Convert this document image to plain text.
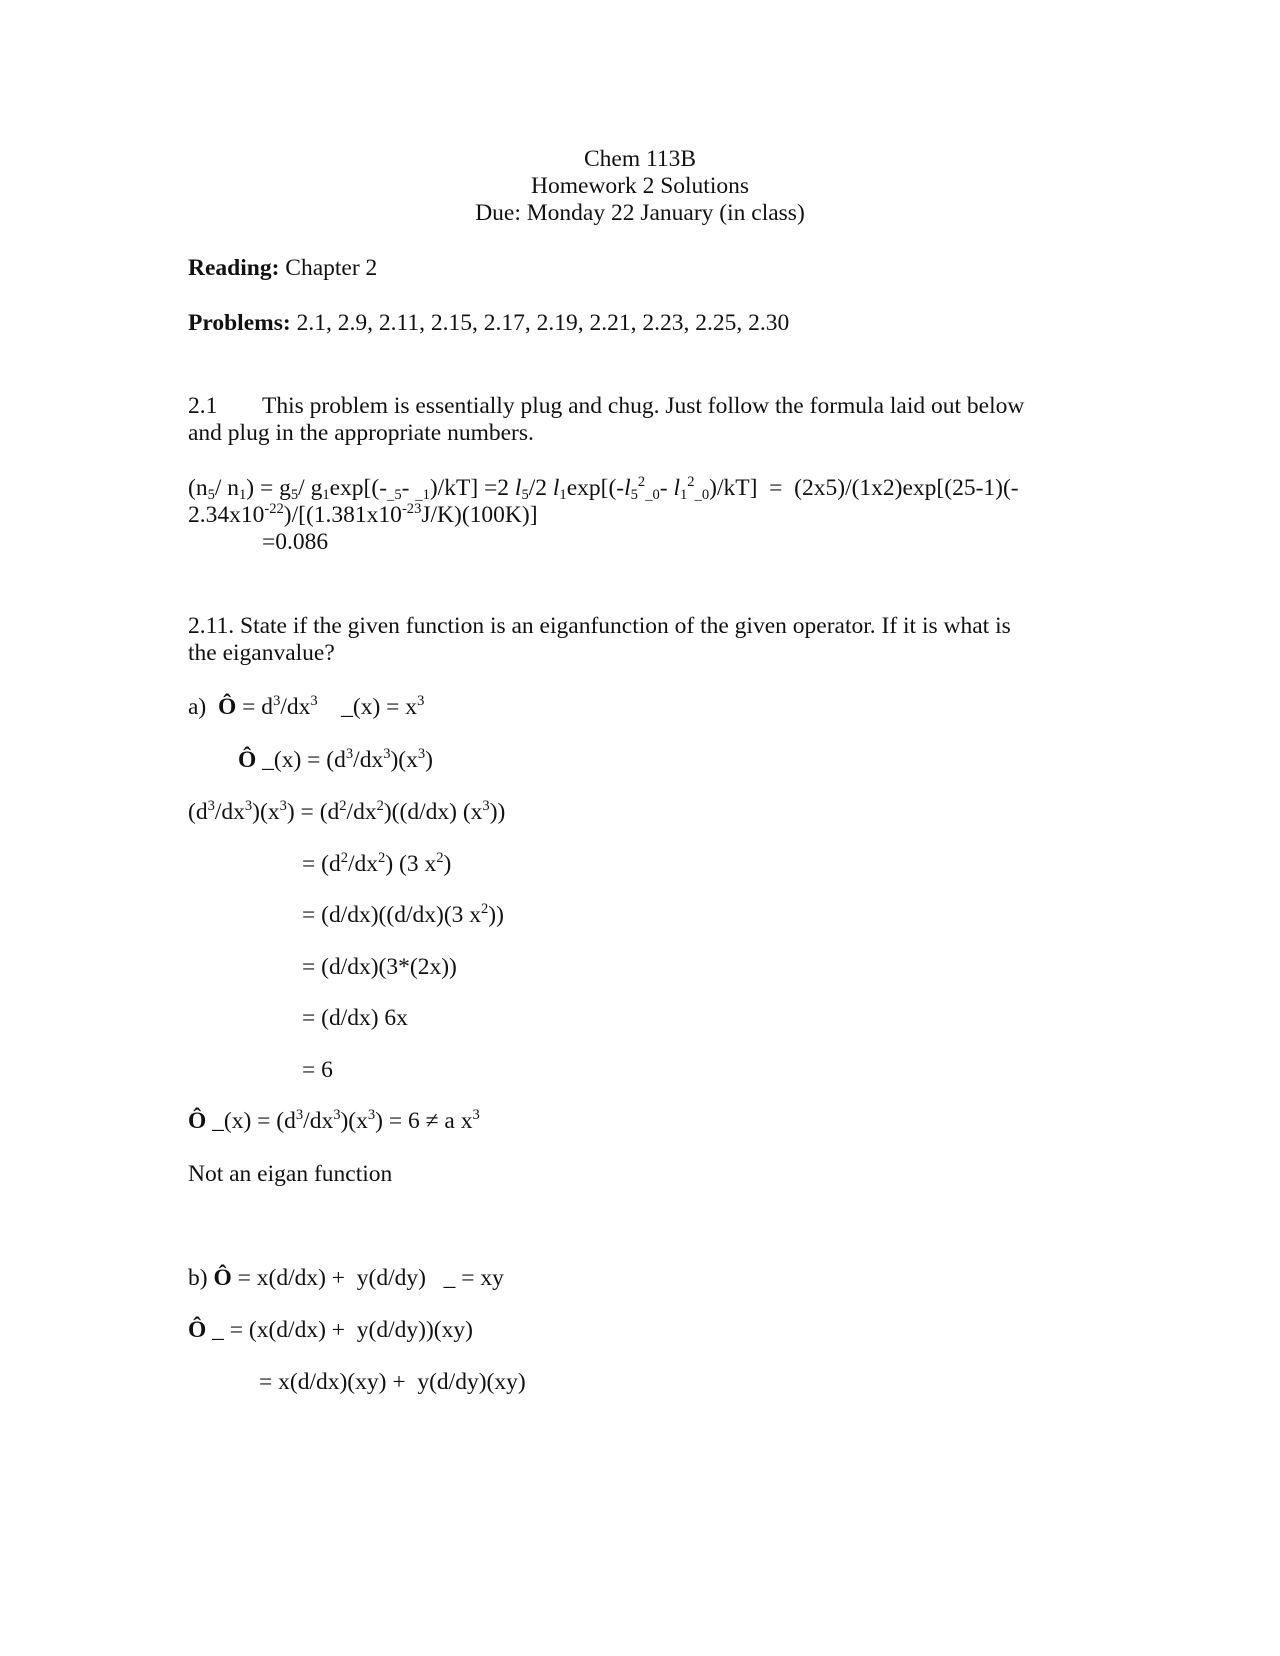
Chem 113B
Homework 2 Solutions
Due: Monday 22 January (in class)
Reading: Chapter 2
Problems: 2.1, 2.9, 2.11, 2.15, 2.17, 2.19, 2.21, 2.23, 2.25, 2.30
2.1 This problem is essentially plug and chug. Just follow the formula laid out below
and plug in the appropriate numbers.
($n_5/$ $n_1) = g_5/$ $g_1\exp[(-_{\_5}-$ $_{\_1}$)/kT] =2 $l_5/2$ $l_1\exp[(-l_5^2_{\_0}-$ $l_1^2_{\_0})/kT] = (2x5)/(1x2)\exp[(25-1)(-$
$2.34x10^{-22})/[(1.381x10^{-23}J/K)(100K)]$
=0.086
2.11. State if the given function is an eiganfunction of the given operator. If it is what is
the eiganvalue?
a)  Ô = $d^3/dx^3$    _(x) = $x^3$
Ô _(x) = $(d^3/dx^3)(x^3)$
$(d^3/dx^3)(x^3) = (d^2/dx^2)((d/dx)$ $(x^3)$)
= $(d^2/dx^2)$ (3 $x^2$)
= (d/dx)((d/dx)(3 $x^2$))
= (d/dx)(3*(2x))
= (d/dx) 6x
= 6
Ô _(x) = $(d^3/dx^3)(x^3) = 6 \ne a$ $x^3$
Not an eigan function
b) Ô = x(d/dx) +  y(d/dy)   _ = xy
Ô _ = (x(d/dx) +  y(d/dy))(xy)
= x(d/dx)(xy) +  y(d/dy)(xy)
